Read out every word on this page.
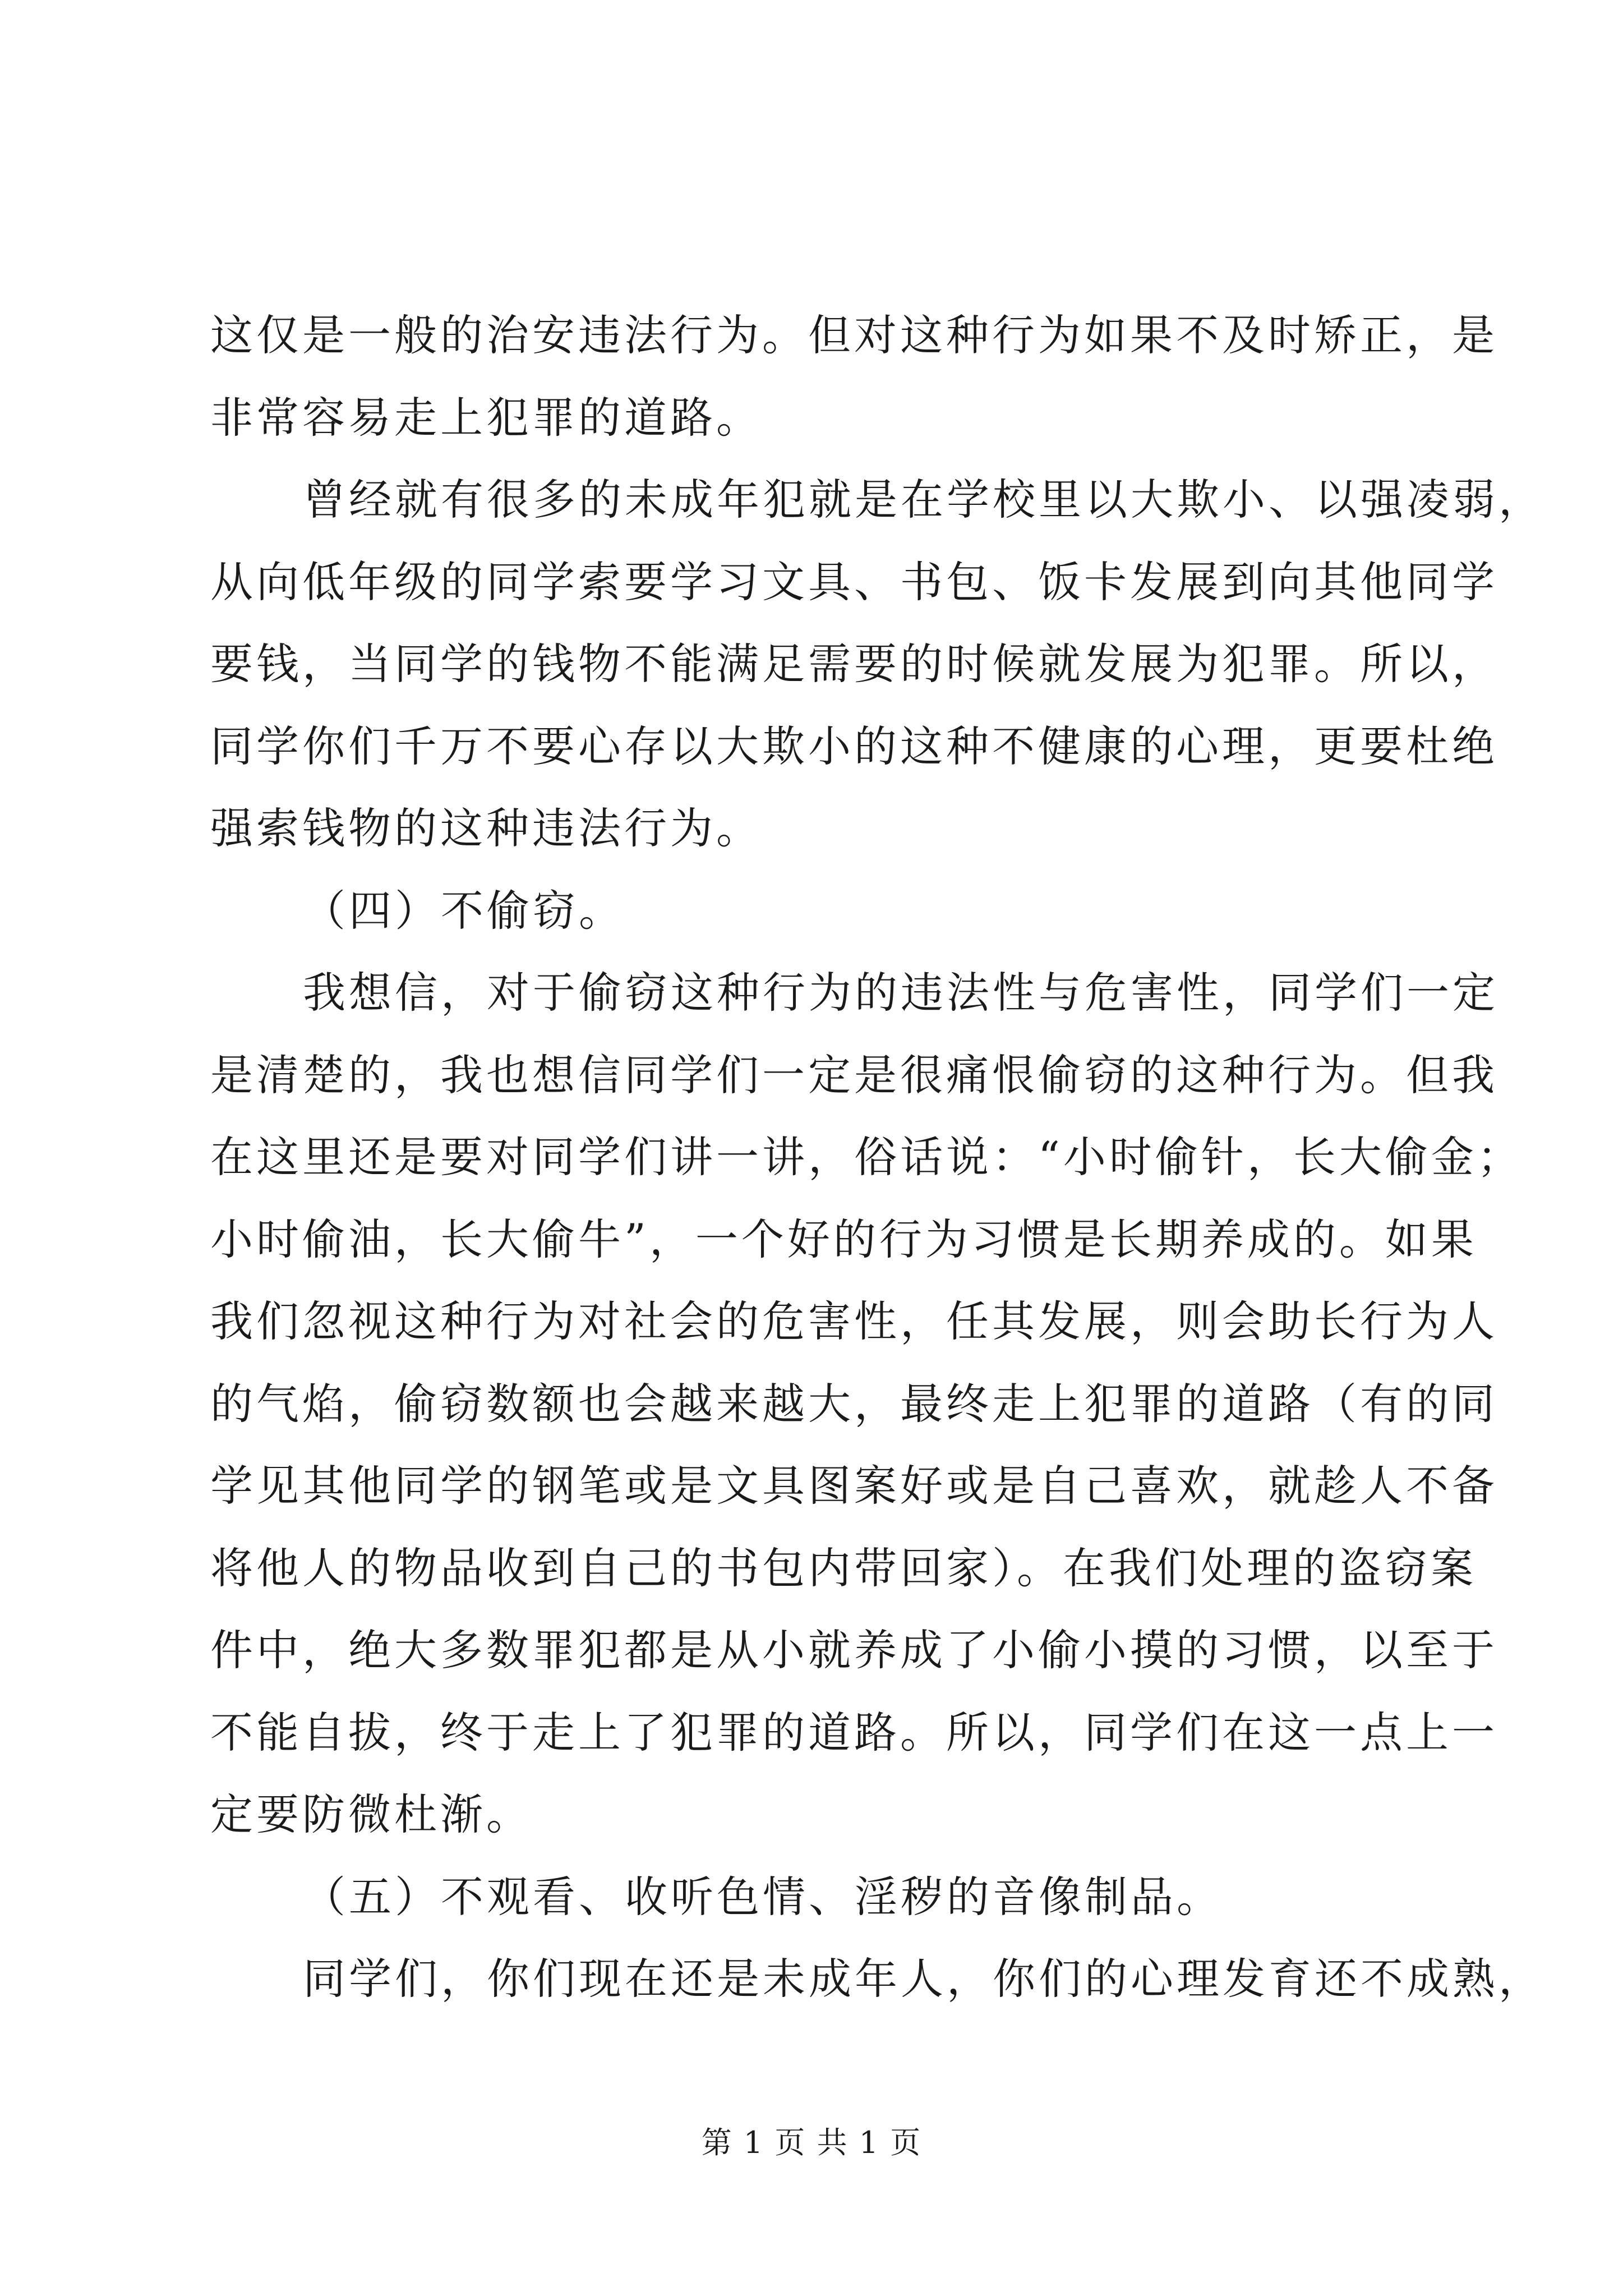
这仅是一般的治安违法行为。但对这种行为如果不及时矫正，是
非常容易走上犯罪的道路。
曾经就有很多的未成年犯就是在学校里以大欺小、以强凌弱，
从向低年级的同学索要学习文具、书包、饭卡发展到向其他同学
要钱，当同学的钱物不能满足需要的时候就发展为犯罪。所以，
同学你们千万不要心存以大欺小的这种不健康的心理，更要杜绝
强索钱物的这种违法行为。
（四）不偷窃。
我想信，对于偷窃这种行为的违法性与危害性，同学们一定
是清楚的，我也想信同学们一定是很痛恨偷窃的这种行为。但我
在这里还是要对同学们讲一讲，俗话说：“小时偷针，长大偷金；
小时偷油，长大偷牛”，一个好的行为习惯是长期养成的。如果
我们忽视这种行为对社会的危害性，任其发展，则会助长行为人
的气焰，偷窃数额也会越来越大，最终走上犯罪的道路（有的同
学见其他同学的钢笔或是文具图案好或是自己喜欢，就趁人不备
将他人的物品收到自己的书包内带回家）。在我们处理的盗窃案
件中，绝大多数罪犯都是从小就养成了小偷小摸的习惯，以至于
不能自拔，终于走上了犯罪的道路。所以，同学们在这一点上一
定要防微杜渐。
（五）不观看、收听色情、淫秽的音像制品。
同学们，你们现在还是未成年人，你们的心理发育还不成熟，
第 1 页 共 1 页
